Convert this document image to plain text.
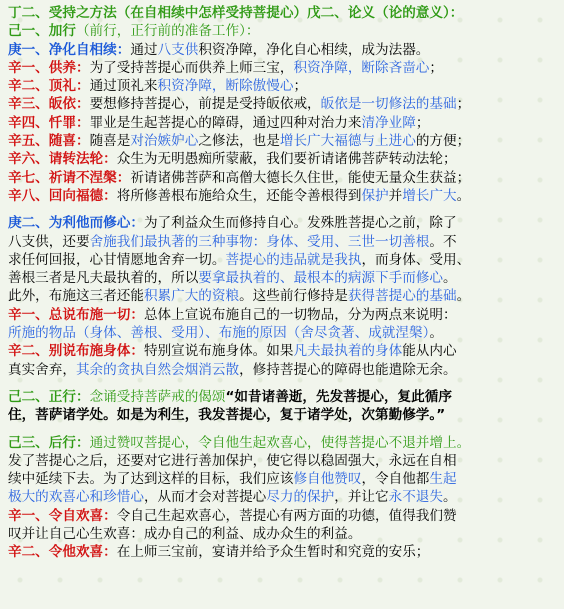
丁二、受持之方法（在自相续中怎样受持菩提心）戊二、论义（论的意义）：
己一、加行（前行，正行前的准备工作）：
庚一、净化自相续：通过八支供积资净障，净化自心相续，成为法器。
辛一、供养：为了受持菩提心而供养上师三宝，积资净障，断除吝啬心；
辛二、顶礼：通过顶礼来积资净障，断除傲慢心；
辛三、皈依：要想修持菩提心，前提是受持皈依戒，皈依是一切修法的基础；
辛四、忏罪：罪业是生起菩提心的障碍，通过四种对治力来清净业障；
辛五、随喜：随喜是对治嫉妒心之修法，也是增长广大福德与上进心的方便；
辛六、请转法轮：众生为无明愚痴所蒙蔽，我们要祈请诸佛菩萨转动法轮；
辛七、祈请不涅槃：祈请诸佛菩萨和高僧大德长久住世，能使无量众生获益；
辛八、回向福德：将所修善根布施给众生，还能令善根得到保护并增长广大。
庚二、为利他而修心：为了利益众生而修持自心。发殊胜菩提心之前，除了
八支供，还要舍施我们最执著的三种事物：身体、受用、三世一切善根。不
求任何回报，心甘情愿地舍弃一切。菩提心的违品就是我执，而身体、受用、
善根三者是凡夫最执着的，所以要拿最执着的、最根本的病源下手而修心。
此外，布施这三者还能积累广大的资粮。这些前行修持是获得菩提心的基础。
辛一、总说布施一切：总体上宣说布施自己的一切物品，分为两点来说明：
所施的物品（身体、善根、受用）、布施的原因（舍尽贪著、成就涅槃）。
辛二、别说布施身体：特别宣说布施身体。如果凡夫最执着的身体能从内心
真实舍弃，其余的贪执自然会烟消云散，修持菩提心的障碍也能遣除无余。
己二、正行：念诵受持菩萨戒的偈颂“如昔诸善逝，先发菩提心，复此循序
住，菩萨诸学处。如是为利生，我发菩提心，复于诸学处，次第勤修学。”
己三、后行：通过赞叹菩提心，令自他生起欢喜心，使得菩提心不退并增上。
发了菩提心之后，还要对它进行善加保护，使它得以稳固强大，永远在自相
续中延续下去。为了达到这样的目标，我们应该修自他赞叹，令自他都生起
极大的欢喜心和珍惜心，从而才会对菩提心尽力的保护，并让它永不退失。
辛一、令自欢喜：令自己生起欢喜心，菩提心有两方面的功德，值得我们赞
叹并让自己心生欢喜：成办自己的利益、成办众生的利益。
辛二、令他欢喜：在上师三宝前，宴请并给予众生暂时和究竟的安乐；
